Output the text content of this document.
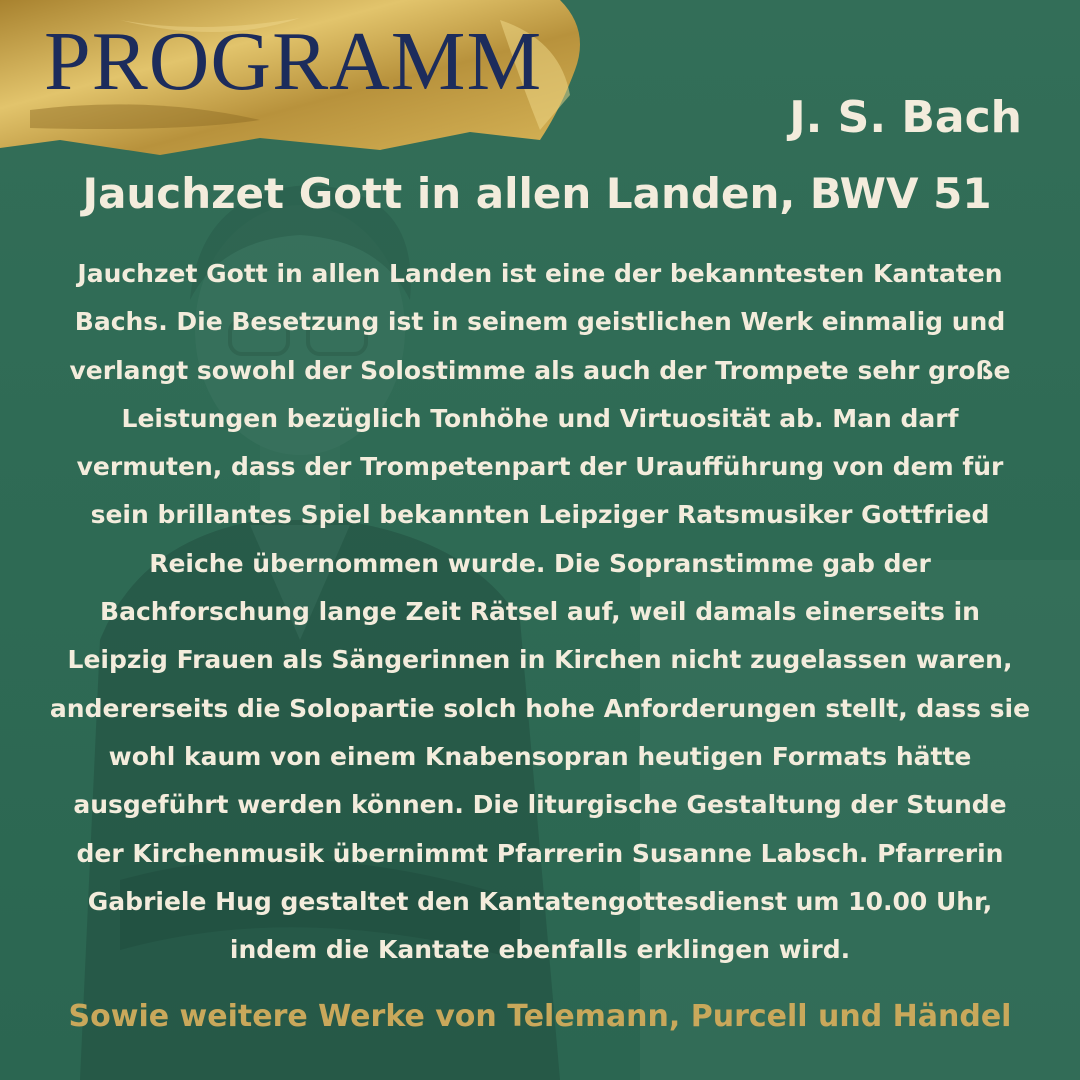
PROGRAMM
J. S. Bach
Jauchzet Gott in allen Landen, BWV 51

Jauchzet Gott in allen Landen ist eine der bekanntesten Kantaten
Bachs. Die Besetzung ist in seinem geistlichen Werk einmalig und
verlangt sowohl der Solostimme als auch der Trompete sehr große
Leistungen bezüglich Tonhöhe und Virtuosität ab. Man darf
vermuten, dass der Trompetenpart der Uraufführung von dem für
sein brillantes Spiel bekannten Leipziger Ratsmusiker Gottfried
Reiche übernommen wurde. Die Sopranstimme gab der
Bachforschung lange Zeit Rätsel auf, weil damals einerseits in
Leipzig Frauen als Sängerinnen in Kirchen nicht zugelassen waren,
andererseits die Solopartie solch hohe Anforderungen stellt, dass sie
wohl kaum von einem Knabensopran heutigen Formats hätte
ausgeführt werden können. Die liturgische Gestaltung der Stunde
der Kirchenmusik übernimmt Pfarrerin Susanne Labsch. Pfarrerin
Gabriele Hug gestaltet den Kantatengottesdienst um 10.00 Uhr,
indem die Kantate ebenfalls erklingen wird.

Sowie weitere Werke von Telemann, Purcell und Händel
